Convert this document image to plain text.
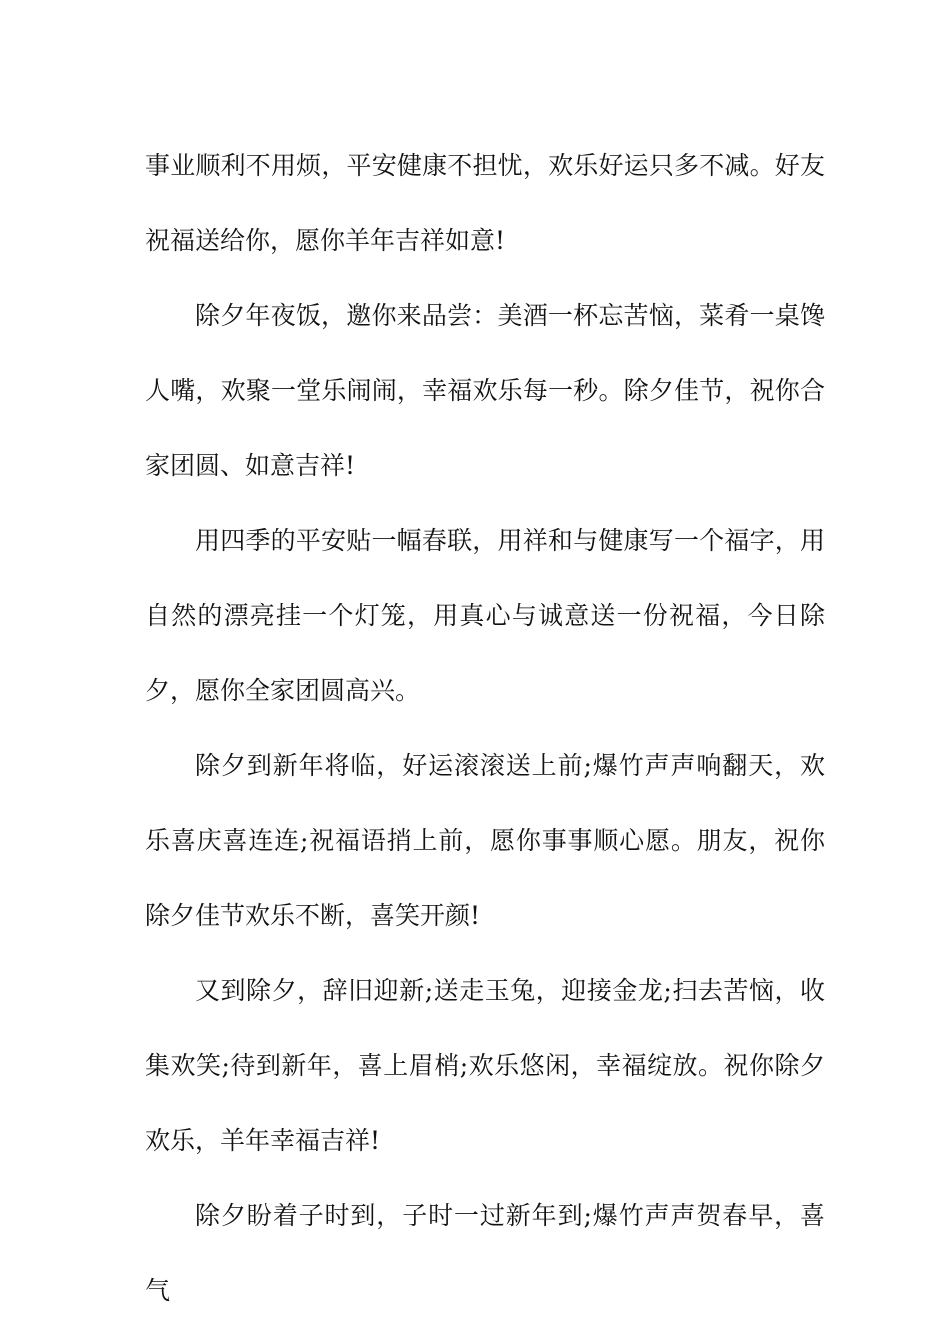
事业顺利不用烦，平安健康不担忧，欢乐好运只多不减。好友祝福送给你，愿你羊年吉祥如意!

除夕年夜饭，邀你来品尝：美酒一杯忘苦恼，菜肴一桌馋人嘴，欢聚一堂乐闹闹，幸福欢乐每一秒。除夕佳节，祝你合家团圆、如意吉祥!

用四季的平安贴一幅春联，用祥和与健康写一个福字，用自然的漂亮挂一个灯笼，用真心与诚意送一份祝福，今日除夕，愿你全家团圆高兴。

除夕到新年将临，好运滚滚送上前;爆竹声声响翻天，欢乐喜庆喜连连;祝福语捎上前，愿你事事顺心愿。朋友，祝你除夕佳节欢乐不断，喜笑开颜!

又到除夕，辞旧迎新;送走玉兔，迎接金龙;扫去苦恼，收集欢笑;待到新年，喜上眉梢;欢乐悠闲，幸福绽放。祝你除夕欢乐，羊年幸福吉祥!

除夕盼着子时到，子时一过新年到;爆竹声声贺春早，喜气
